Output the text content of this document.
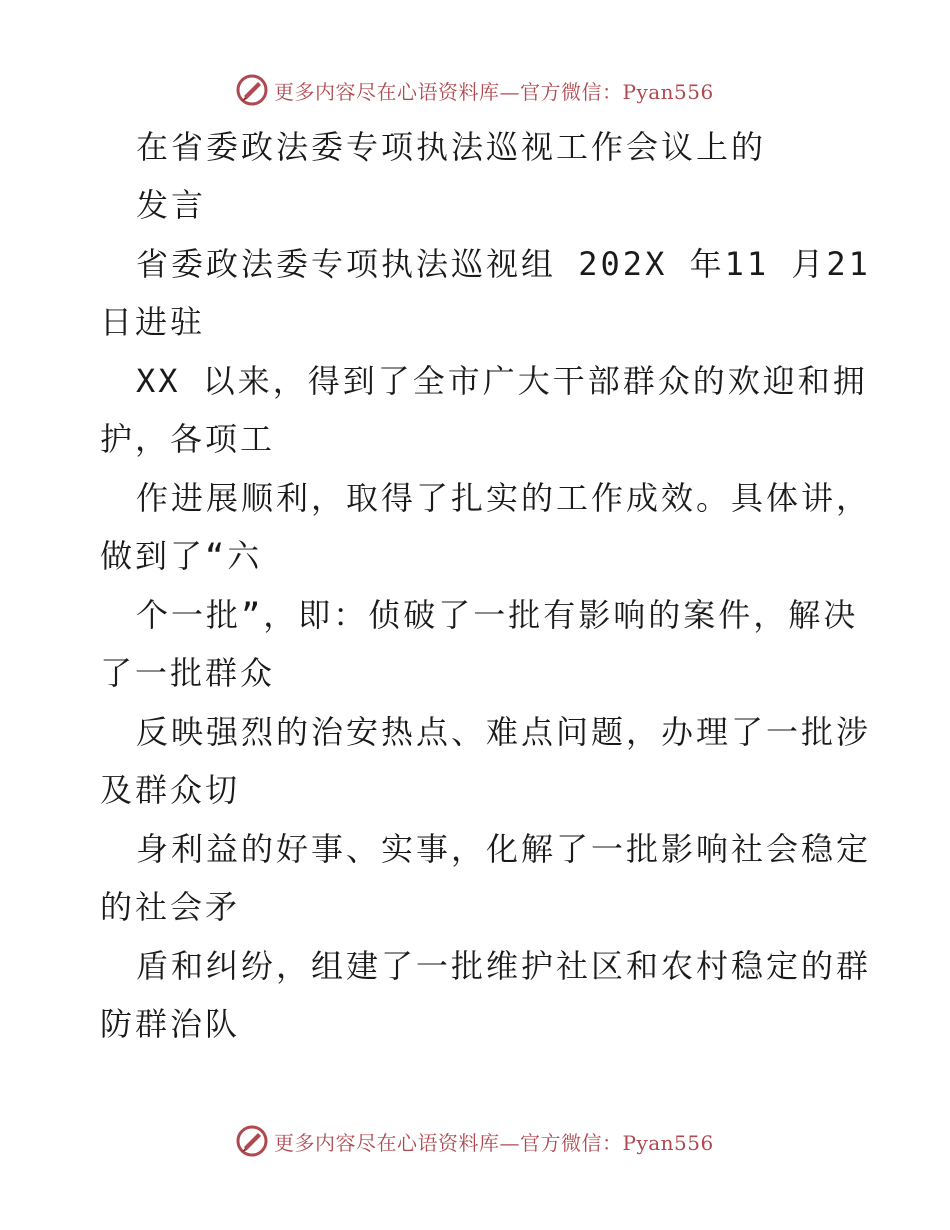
更多内容尽在心语资料库—官方微信：Pyan556
在省委政法委专项执法巡视工作会议上的
发言
省委政法委专项执法巡视组 202X 年11 月21
日进驻
XX 以来，得到了全市广大干部群众的欢迎和拥
护，各项工
作进展顺利，取得了扎实的工作成效。具体讲，
做到了“六
个一批”，即：侦破了一批有影响的案件，解决
了一批群众
反映强烈的治安热点、难点问题，办理了一批涉
及群众切
身利益的好事、实事，化解了一批影响社会稳定
的社会矛
盾和纠纷，组建了一批维护社区和农村稳定的群
防群治队
更多内容尽在心语资料库—官方微信：Pyan556
